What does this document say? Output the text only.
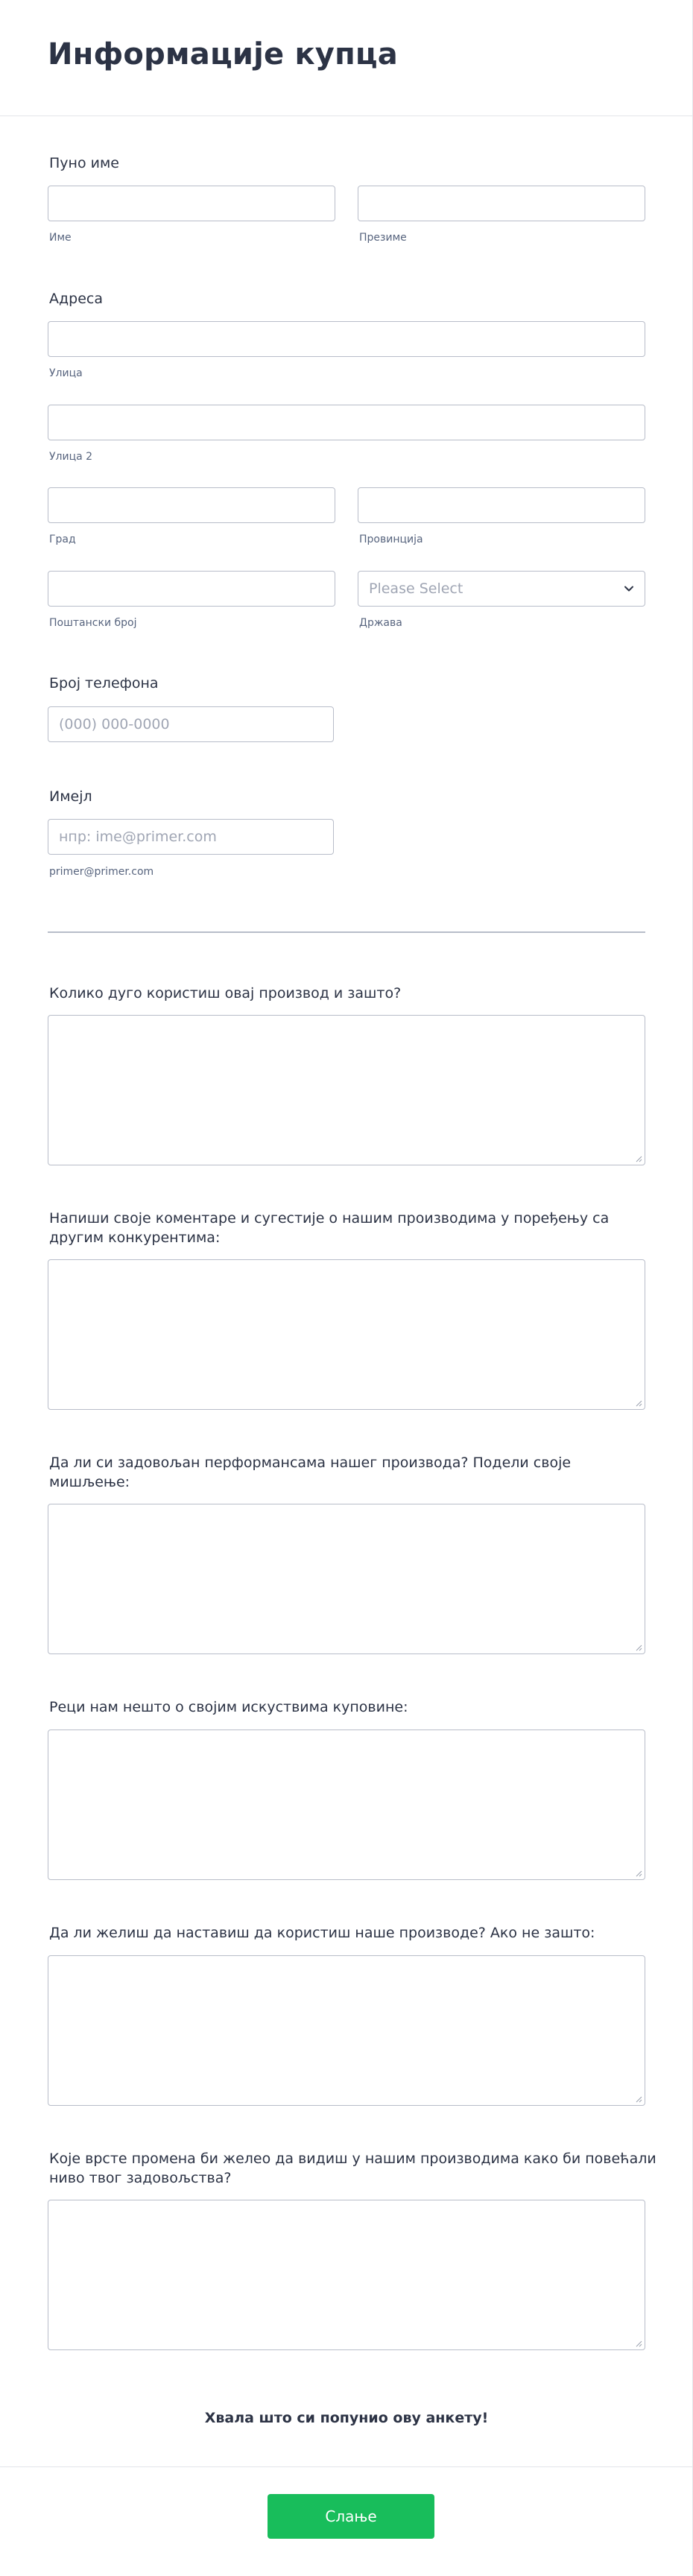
Информације купца
Пуно име
Име	Презиме
Адреса
Улица
Улица 2
Град	Провинција
Поштански број
Please Select
Држава
Број телефона
(000) 000-0000
Имејл
нпр: ime@primer.com
primer@primer.com
Колико дуго користиш овај производ и зашто?
Напиши своје коментаре и сугестије о нашим производима у поређењу са
другим конкурентима:
Да ли си задовољан перформансама нашег производа? Подели своје
мишљење:
Реци нам нешто о својим искуствима куповине:
Да ли желиш да наставиш да користиш наше производе? Ако не зашто:
Које врсте промена би желео да видиш у нашим производима како би повећали
ниво твог задовољства?
Хвала што си попунио ову анкету!
Слање
